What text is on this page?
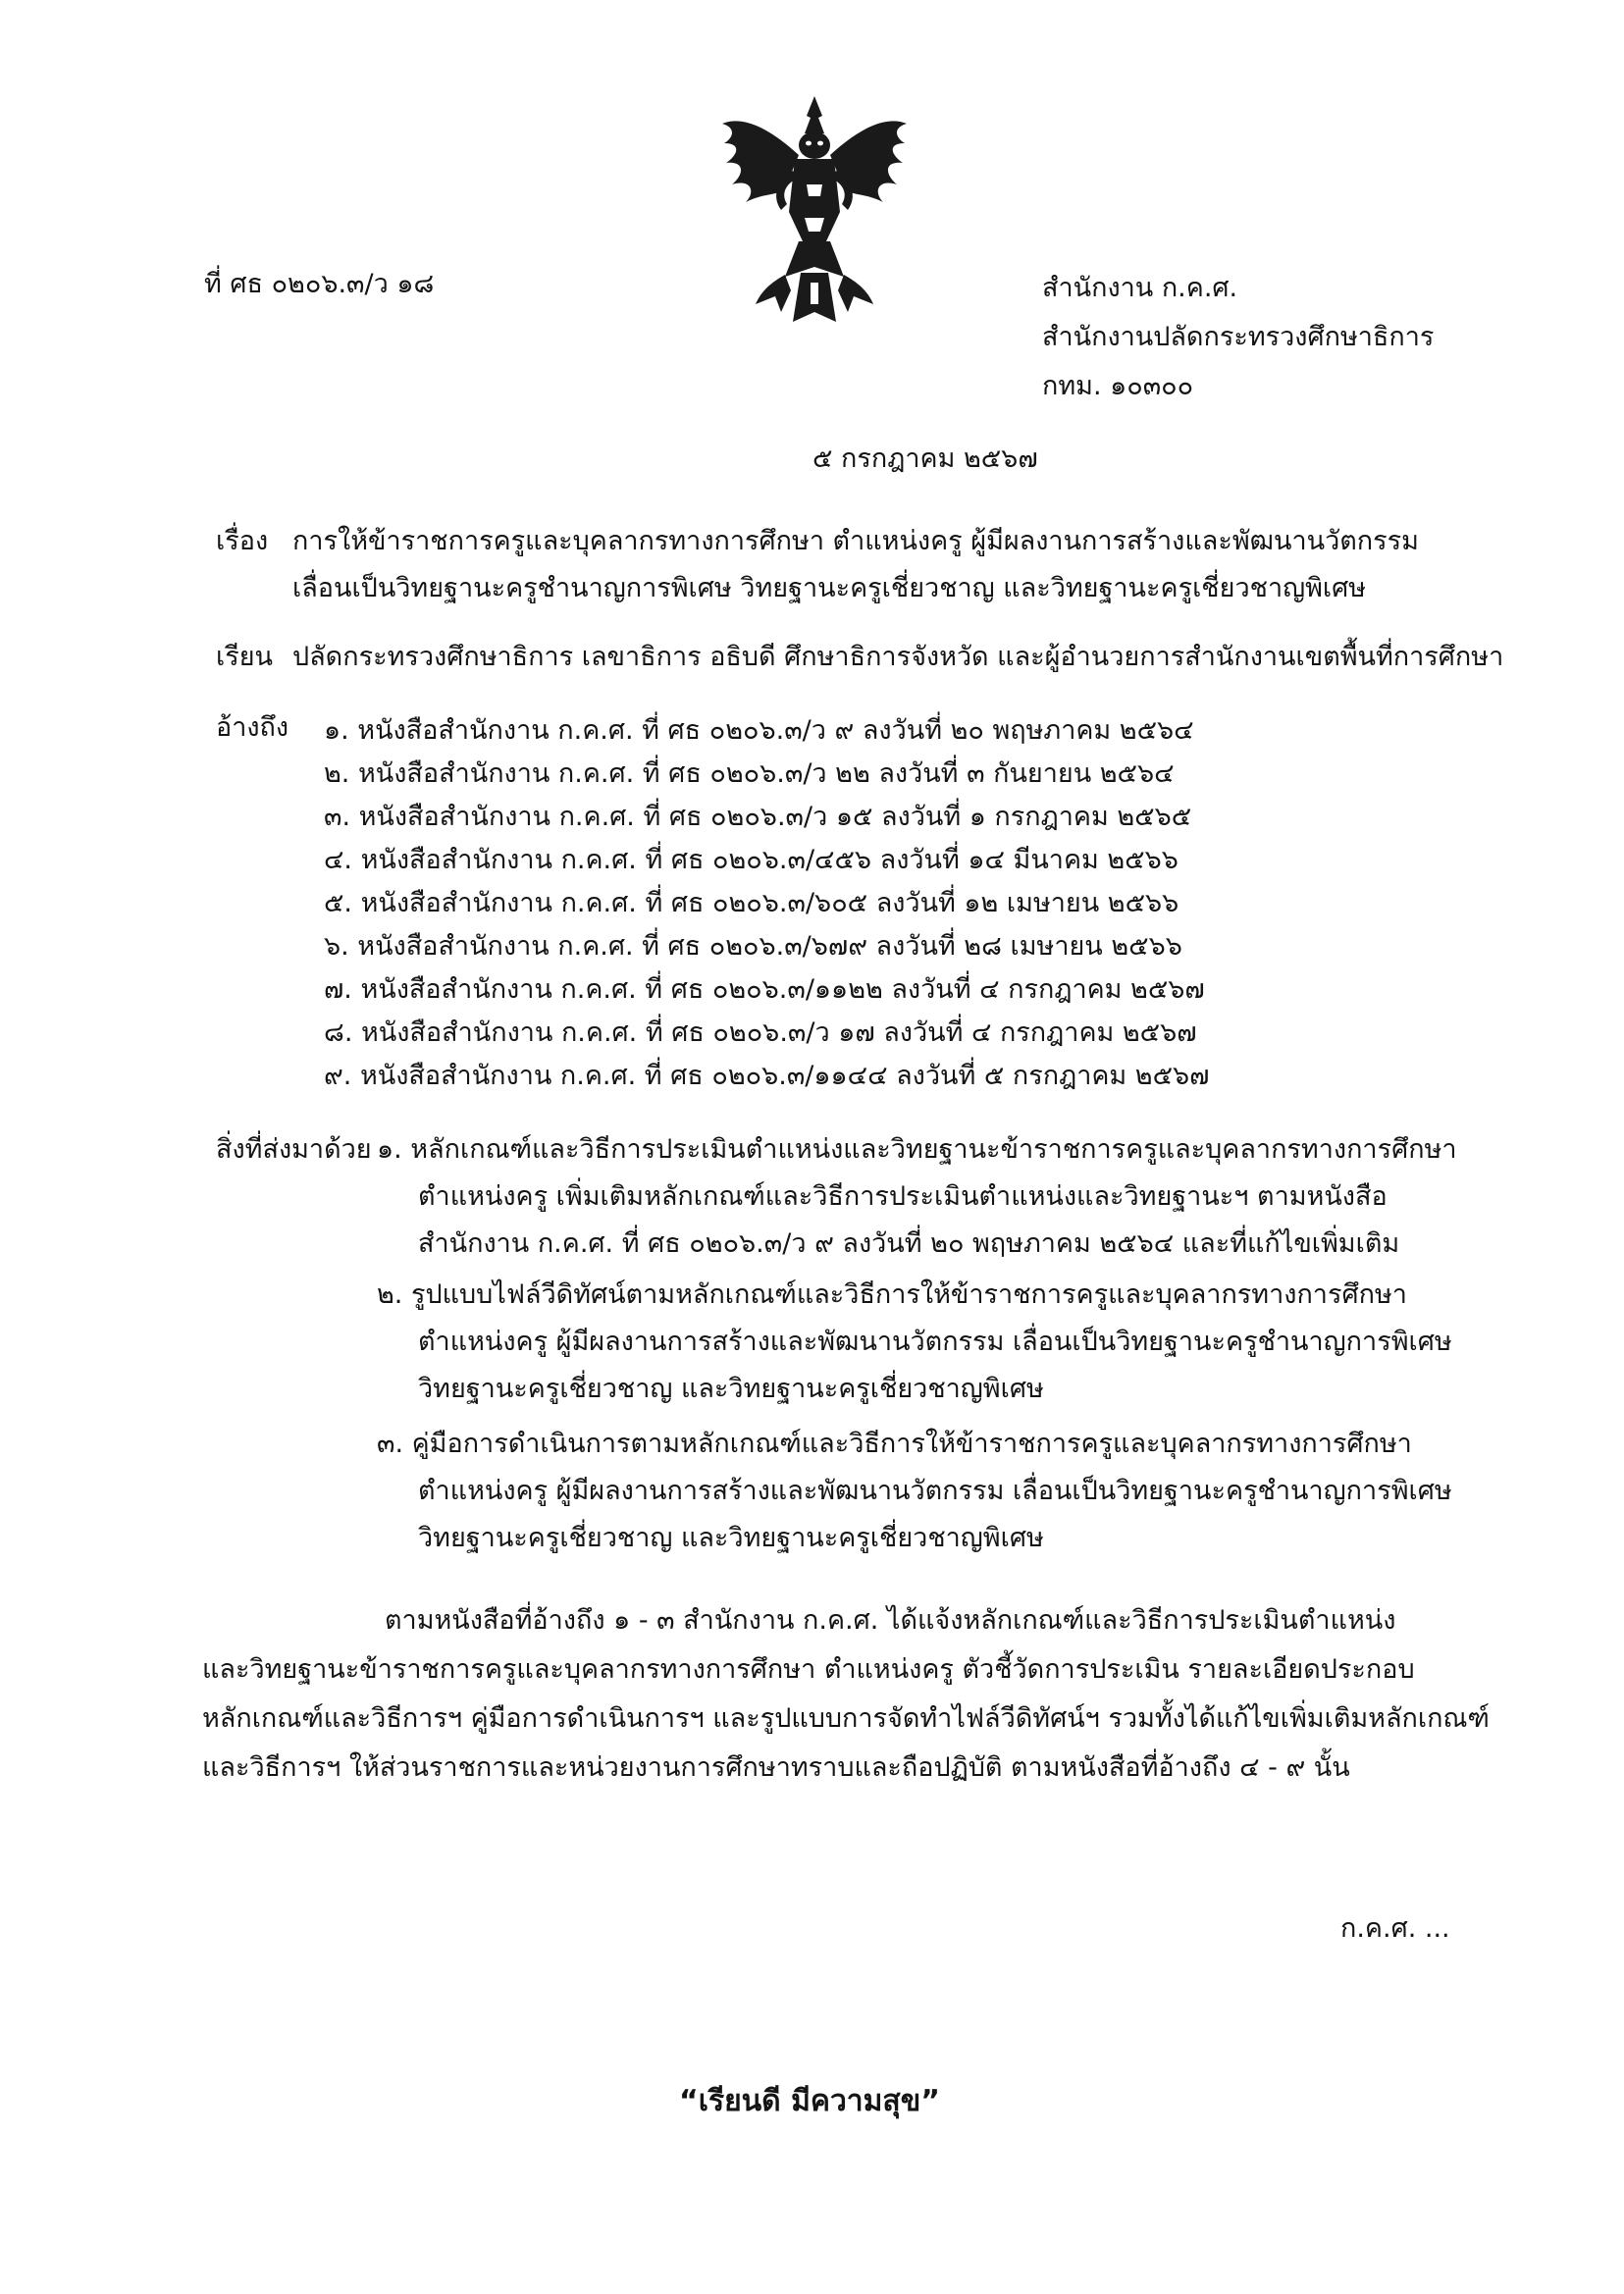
ที่ ศธ ๐๒๐๖.๓/ว ๑๘	สำนักงาน ก.ค.ศ.
สำนักงานปลัดกระทรวงศึกษาธิการ
กทม. ๑๐๓๐๐
๕ กรกฎาคม ๒๕๖๗
เรื่อง การให้ข้าราชการครูและบุคลากรทางการศึกษา ตำแหน่งครู ผู้มีผลงานการสร้างและพัฒนานวัตกรรม
เลื่อนเป็นวิทยฐานะครูชำนาญการพิเศษ วิทยฐานะครูเชี่ยวชาญ และวิทยฐานะครูเชี่ยวชาญพิเศษ
เรียน ปลัดกระทรวงศึกษาธิการ เลขาธิการ อธิบดี ศึกษาธิการจังหวัด และผู้อำนวยการสำนักงานเขตพื้นที่การศึกษา
อ้างถึง ๑. หนังสือสำนักงาน ก.ค.ศ. ที่ ศธ ๐๒๐๖.๓/ว ๙ ลงวันที่ ๒๐ พฤษภาคม ๒๕๖๔
๒. หนังสือสำนักงาน ก.ค.ศ. ที่ ศธ ๐๒๐๖.๓/ว ๒๒ ลงวันที่ ๓ กันยายน ๒๕๖๔
๓. หนังสือสำนักงาน ก.ค.ศ. ที่ ศธ ๐๒๐๖.๓/ว ๑๕ ลงวันที่ ๑ กรกฎาคม ๒๕๖๕
๔. หนังสือสำนักงาน ก.ค.ศ. ที่ ศธ ๐๒๐๖.๓/๔๕๖ ลงวันที่ ๑๔ มีนาคม ๒๕๖๖
๕. หนังสือสำนักงาน ก.ค.ศ. ที่ ศธ ๐๒๐๖.๓/๖๐๕ ลงวันที่ ๑๒ เมษายน ๒๕๖๖
๖. หนังสือสำนักงาน ก.ค.ศ. ที่ ศธ ๐๒๐๖.๓/๖๗๙ ลงวันที่ ๒๘ เมษายน ๒๕๖๖
๗. หนังสือสำนักงาน ก.ค.ศ. ที่ ศธ ๐๒๐๖.๓/๑๑๒๒ ลงวันที่ ๔ กรกฎาคม ๒๕๖๗
๘. หนังสือสำนักงาน ก.ค.ศ. ที่ ศธ ๐๒๐๖.๓/ว ๑๗ ลงวันที่ ๔ กรกฎาคม ๒๕๖๗
๙. หนังสือสำนักงาน ก.ค.ศ. ที่ ศธ ๐๒๐๖.๓/๑๑๔๔ ลงวันที่ ๕ กรกฎาคม ๒๕๖๗
สิ่งที่ส่งมาด้วย ๑. หลักเกณฑ์และวิธีการประเมินตำแหน่งและวิทยฐานะข้าราชการครูและบุคลากรทางการศึกษา
ตำแหน่งครู เพิ่มเติมหลักเกณฑ์และวิธีการประเมินตำแหน่งและวิทยฐานะฯ ตามหนังสือ
สำนักงาน ก.ค.ศ. ที่ ศธ ๐๒๐๖.๓/ว ๙ ลงวันที่ ๒๐ พฤษภาคม ๒๕๖๔ และที่แก้ไขเพิ่มเติม
๒. รูปแบบไฟล์วีดิทัศน์ตามหลักเกณฑ์และวิธีการให้ข้าราชการครูและบุคลากรทางการศึกษา
ตำแหน่งครู ผู้มีผลงานการสร้างและพัฒนานวัตกรรม เลื่อนเป็นวิทยฐานะครูชำนาญการพิเศษ
วิทยฐานะครูเชี่ยวชาญ และวิทยฐานะครูเชี่ยวชาญพิเศษ
๓. คู่มือการดำเนินการตามหลักเกณฑ์และวิธีการให้ข้าราชการครูและบุคลากรทางการศึกษา
ตำแหน่งครู ผู้มีผลงานการสร้างและพัฒนานวัตกรรม เลื่อนเป็นวิทยฐานะครูชำนาญการพิเศษ
วิทยฐานะครูเชี่ยวชาญ และวิทยฐานะครูเชี่ยวชาญพิเศษ
ตามหนังสือที่อ้างถึง ๑ - ๓ สำนักงาน ก.ค.ศ. ได้แจ้งหลักเกณฑ์และวิธีการประเมินตำแหน่ง
และวิทยฐานะข้าราชการครูและบุคลากรทางการศึกษา ตำแหน่งครู ตัวชี้วัดการประเมิน รายละเอียดประกอบ
หลักเกณฑ์และวิธีการฯ คู่มือการดำเนินการฯ และรูปแบบการจัดทำไฟล์วีดิทัศน์ฯ รวมทั้งได้แก้ไขเพิ่มเติมหลักเกณฑ์
และวิธีการฯ ให้ส่วนราชการและหน่วยงานการศึกษาทราบและถือปฏิบัติ ตามหนังสือที่อ้างถึง ๔ - ๙ นั้น
ก.ค.ศ. ...
“เรียนดี มีความสุข”
